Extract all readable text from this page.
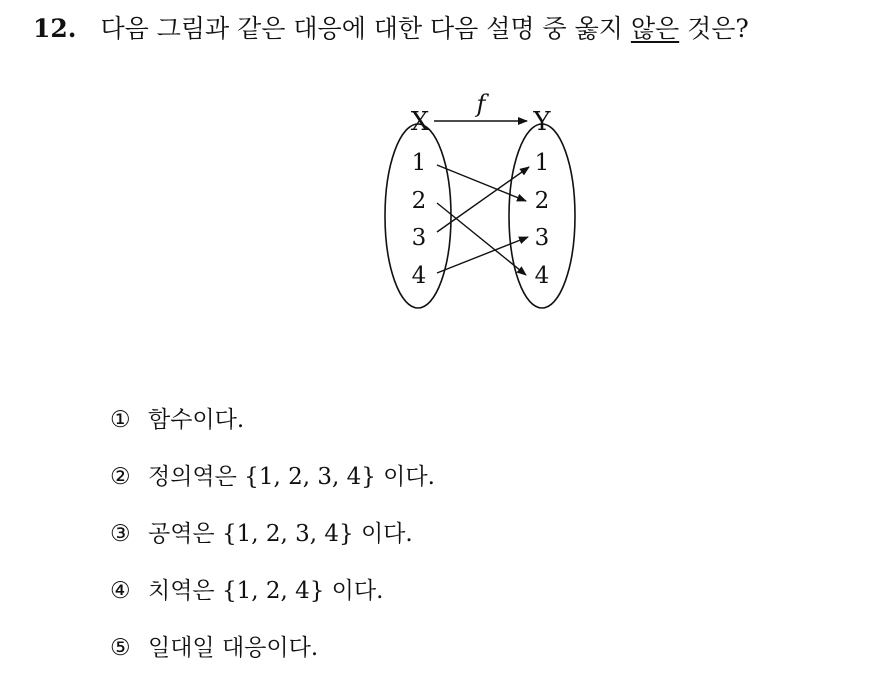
12. 다음 그림과 같은 대응에 대한 다음 설명 중 옳지 않은 것은?
X	Y
f
1
2
3
4
1
2
3
4
① 함수이다.
② 정의역은 {1, 2, 3, 4} 이다.
③ 공역은 {1, 2, 3, 4} 이다.
④ 치역은 {1, 2, 4} 이다.
⑤ 일대일 대응이다.
